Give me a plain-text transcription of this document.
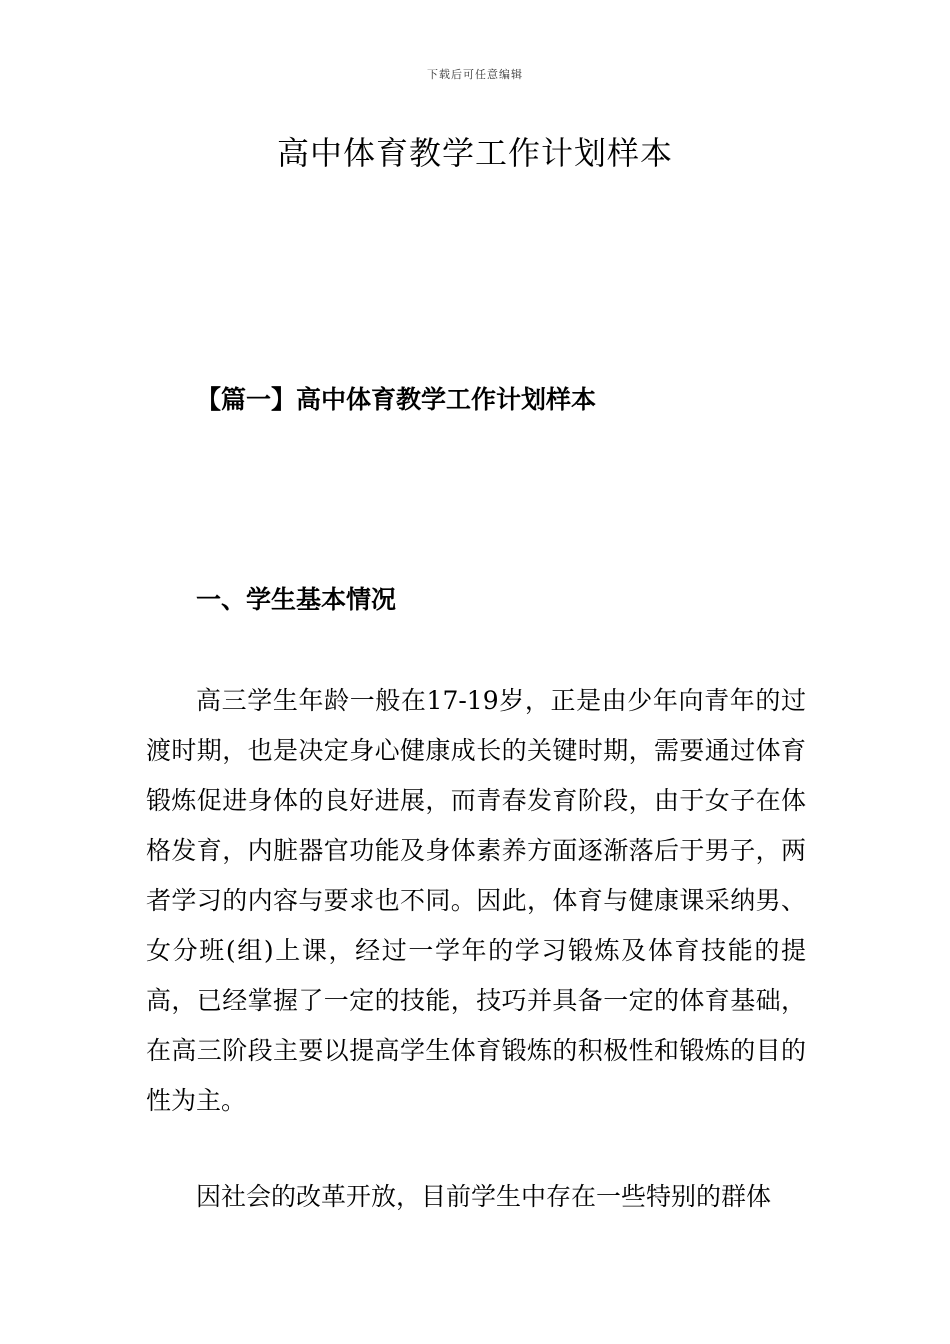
下载后可任意编辑
高中体育教学工作计划样本
【篇一】高中体育教学工作计划样本
一、学生基本情况

高三学生年龄一般在17-19岁，正是由少年向青年的过渡时期，也是决定身心健康成长的关键时期，需要通过体育锻炼促进身体的良好进展，而青春发育阶段，由于女子在体格发育，内脏器官功能及身体素养方面逐渐落后于男子，两者学习的内容与要求也不同。因此，体育与健康课采纳男、女分班(组)上课，经过一学年的学习锻炼及体育技能的提高，已经掌握了一定的技能，技巧并具备一定的体育基础，在高三阶段主要以提高学生体育锻炼的积极性和锻炼的目的性为主。

因社会的改革开放，目前学生中存在一些特别的群体
